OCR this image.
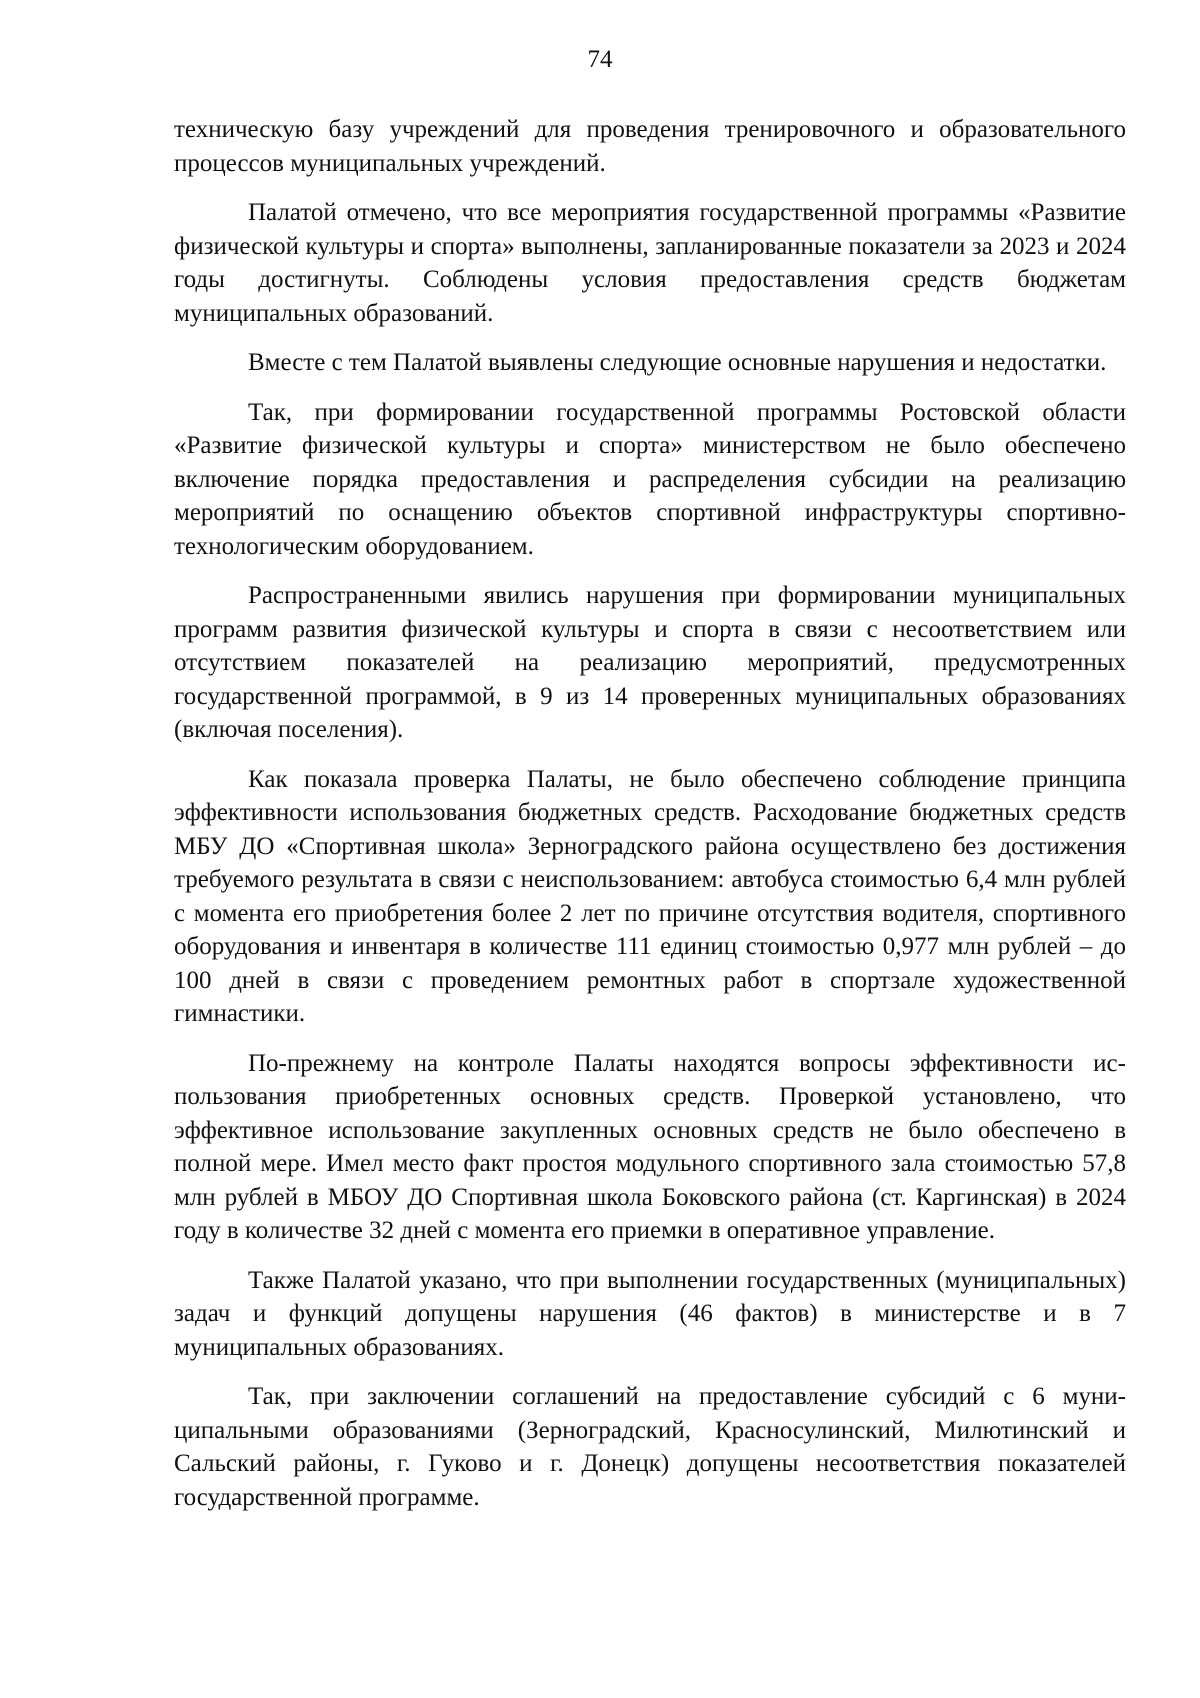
74

техническую базу учреждений для проведения тренировочного и образовательного процессов муниципальных учреждений.

Палатой отмечено, что все мероприятия государственной программы «Развитие физической культуры и спорта» выполнены, запланированные показатели за 2023 и 2024 годы достигнуты. Соблюдены условия предоставления средств бюджетам муниципальных образований.

Вместе с тем Палатой выявлены следующие основные нарушения и недостатки.

Так, при формировании государственной программы Ростовской области «Развитие физической культуры и спорта» министерством не было обеспечено включение порядка предоставления и распределения субсидии на реализацию мероприятий по оснащению объектов спортивной инфраструктуры спортивно-технологическим оборудованием.

Распространенными явились нарушения при формировании муниципальных программ развития физической культуры и спорта в связи с несоответствием или отсутствием показателей на реализацию мероприятий, предусмотренных государственной программой, в 9 из 14 проверенных муниципальных образованиях (включая поселения).

Как показала проверка Палаты, не было обеспечено соблюдение принципа эффективности использования бюджетных средств. Расходование бюджетных средств МБУ ДО «Спортивная школа» Зерноградского района осуществлено без достижения требуемого результата в связи с неиспользованием: автобуса стоимостью 6,4 млн рублей с момента его приобретения более 2 лет по причине отсутствия водителя, спортивного оборудования и инвентаря в количестве 111 единиц стоимостью 0,977 млн рублей – до 100 дней в связи с проведением ремонтных работ в спортзале художественной гимнастики.

По-прежнему на контроле Палаты находятся вопросы эффективности использования приобретенных основных средств. Проверкой установлено, что эффективное использование закупленных основных средств не было обеспечено в полной мере. Имел место факт простоя модульного спортивного зала стоимостью 57,8 млн рублей в МБОУ ДО Спортивная школа Боковского района (ст. Каргинская) в 2024 году в количестве 32 дней с момента его приемки в оперативное управление.

Также Палатой указано, что при выполнении государственных (муниципальных) задач и функций допущены нарушения (46 фактов) в министерстве и в 7 муниципальных образованиях.

Так, при заключении соглашений на предоставление субсидий с 6 муниципальными образованиями (Зерноградский, Красносулинский, Милютинский и Сальский районы, г. Гуково и г. Донецк) допущены несоответствия показателей государственной программе.
